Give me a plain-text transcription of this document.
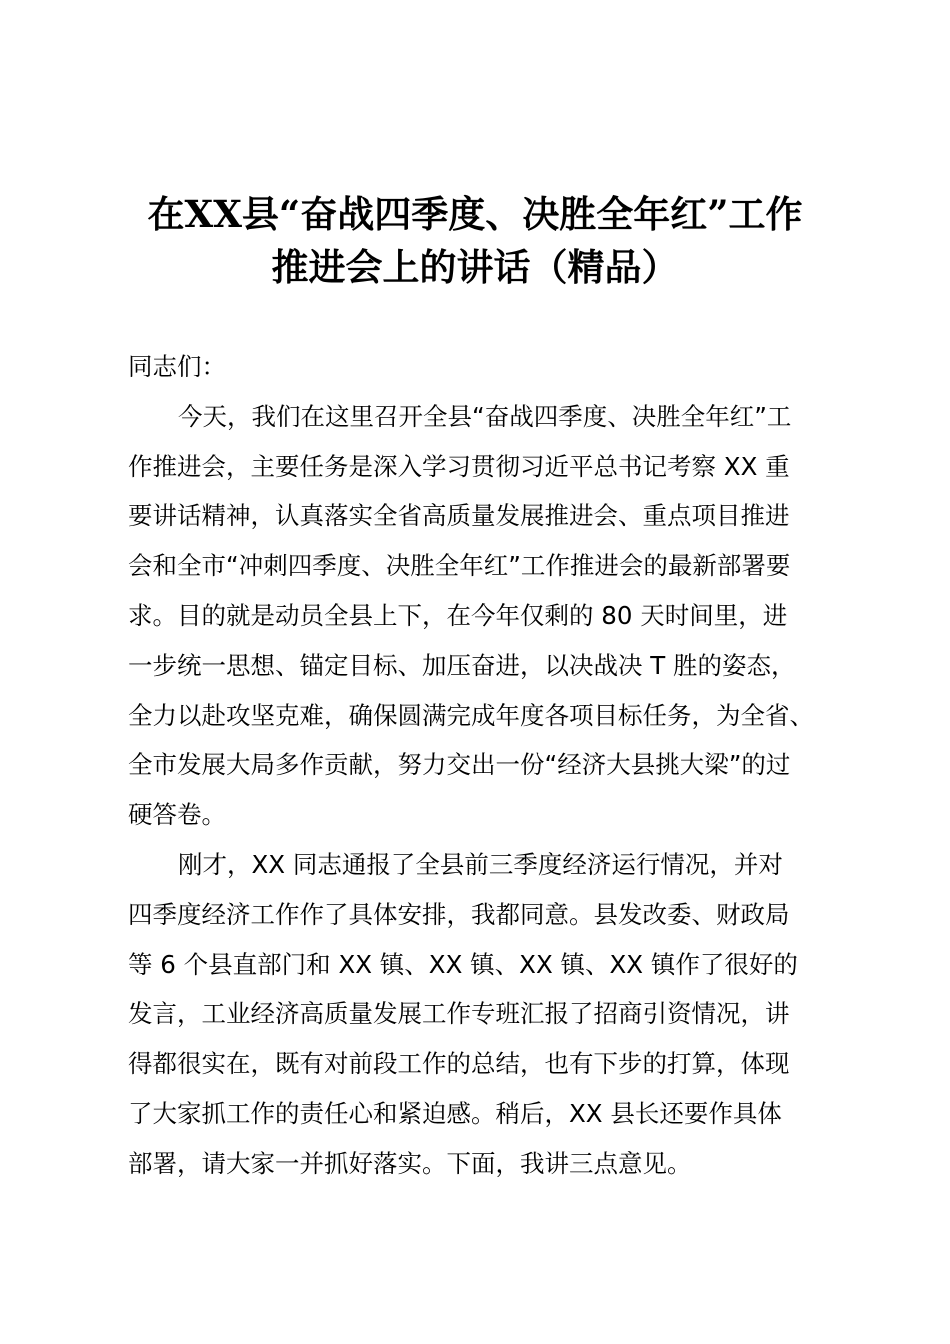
在XX县“奋战四季度、决胜全年红”工作
推进会上的讲话（精品）

同志们：

今天，我们在这里召开全县“奋战四季度、决胜全年红”工
作推进会，主要任务是深入学习贯彻习近平总书记考察 XX 重
要讲话精神，认真落实全省高质量发展推进会、重点项目推进
会和全市“冲刺四季度、决胜全年红”工作推进会的最新部署要
求。目的就是动员全县上下，在今年仅剩的 80 天时间里，进
一步统一思想、锚定目标、加压奋进，以决战决 T 胜的姿态，
全力以赴攻坚克难，确保圆满完成年度各项目标任务，为全省、
全市发展大局多作贡献，努力交出一份“经济大县挑大梁”的过
硬答卷。

刚才，XX 同志通报了全县前三季度经济运行情况，并对
四季度经济工作作了具体安排，我都同意。县发改委、财政局
等 6 个县直部门和 XX 镇、XX 镇、XX 镇、XX 镇作了很好的
发言，工业经济高质量发展工作专班汇报了招商引资情况，讲
得都很实在，既有对前段工作的总结，也有下步的打算，体现
了大家抓工作的责任心和紧迫感。稍后，XX 县长还要作具体
部署，请大家一并抓好落实。下面，我讲三点意见。
